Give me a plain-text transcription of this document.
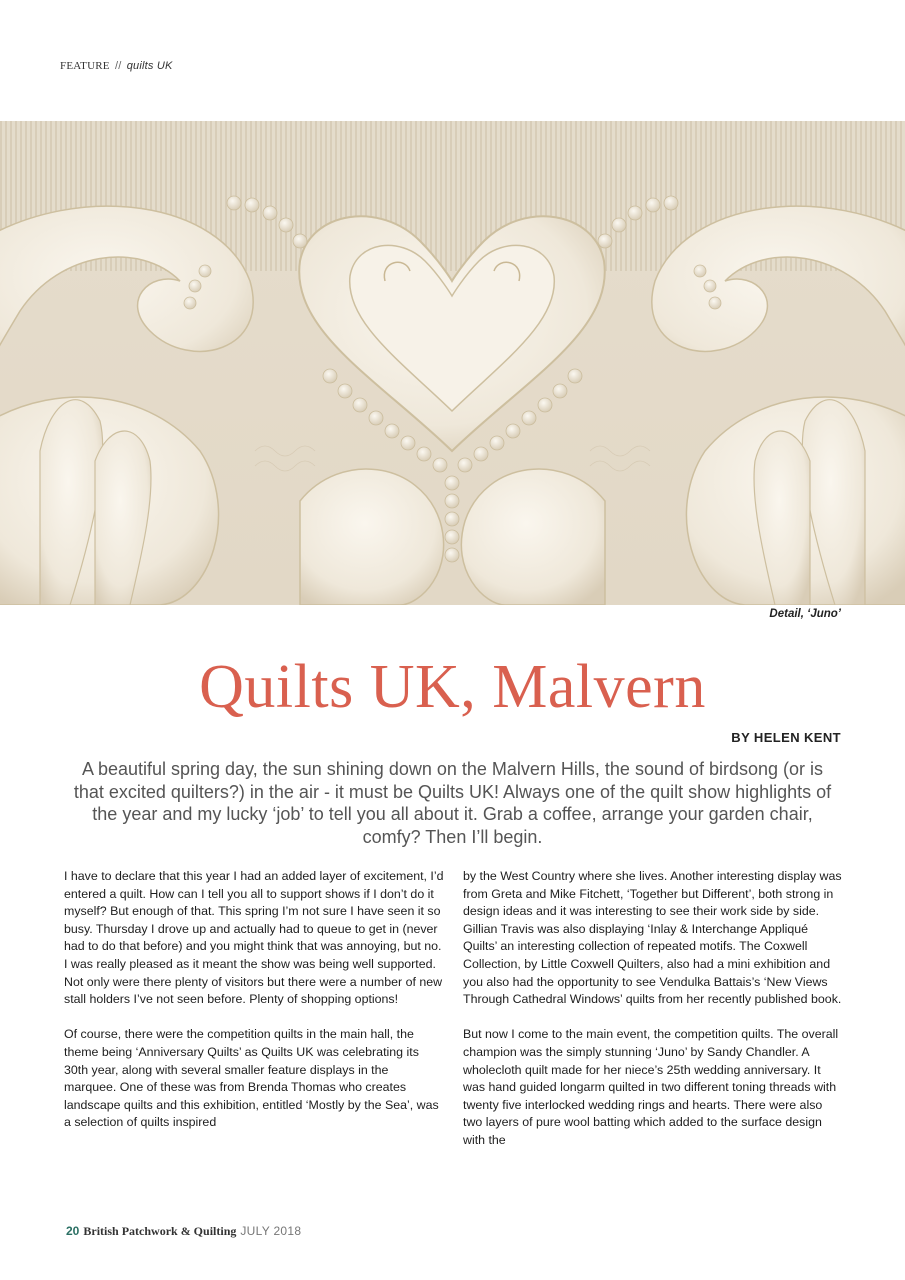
FEATURE // quilts UK
Detail, ‘Juno’
Quilts UK, Malvern
BY HELEN KENT
A beautiful spring day, the sun shining down on the Malvern Hills, the sound of birdsong (or is that excited quilters?) in the air - it must be Quilts UK! Always one of the quilt show highlights of the year and my lucky ‘job’ to tell you all about it. Grab a coffee, arrange your garden chair, comfy? Then I’ll begin.

I have to declare that this year I had an added layer of excitement, I’d entered a quilt. How can I tell you all to support shows if I don’t do it myself? But enough of that. This spring I’m not sure I have seen it so busy. Thursday I drove up and actually had to queue to get in (never had to do that before) and you might think that was annoying, but no. I was really pleased as it meant the show was being well supported. Not only were there plenty of visitors but there were a number of new stall holders I’ve not seen before. Plenty of shopping options!

Of course, there were the competition quilts in the main hall, the theme being ‘Anniversary Quilts’ as Quilts UK was celebrating its 30th year, along with several smaller feature displays in the marquee. One of these was from Brenda Thomas who creates landscape quilts and this exhibition, entitled ‘Mostly by the Sea’, was a selection of quilts inspired

by the West Country where she lives. Another interesting display was from Greta and Mike Fitchett, ‘Together but Different’, both strong in design ideas and it was interesting to see their work side by side. Gillian Travis was also displaying ‘Inlay & Interchange Appliqué Quilts’ an interesting collection of repeated motifs. The Coxwell Collection, by Little Coxwell Quilters, also had a mini exhibition and you also had the opportunity to see Vendulka Battais’s ‘New Views Through Cathedral Windows’ quilts from her recently published book.

But now I come to the main event, the competition quilts. The overall champion was the simply stunning ‘Juno’ by Sandy Chandler. A wholecloth quilt made for her niece’s 25th wedding anniversary. It was hand guided longarm quilted in two different toning threads with twenty five interlocked wedding rings and hearts. There were also two layers of pure wool batting which added to the surface design with the

20 British Patchwork & Quilting JULY 2018
